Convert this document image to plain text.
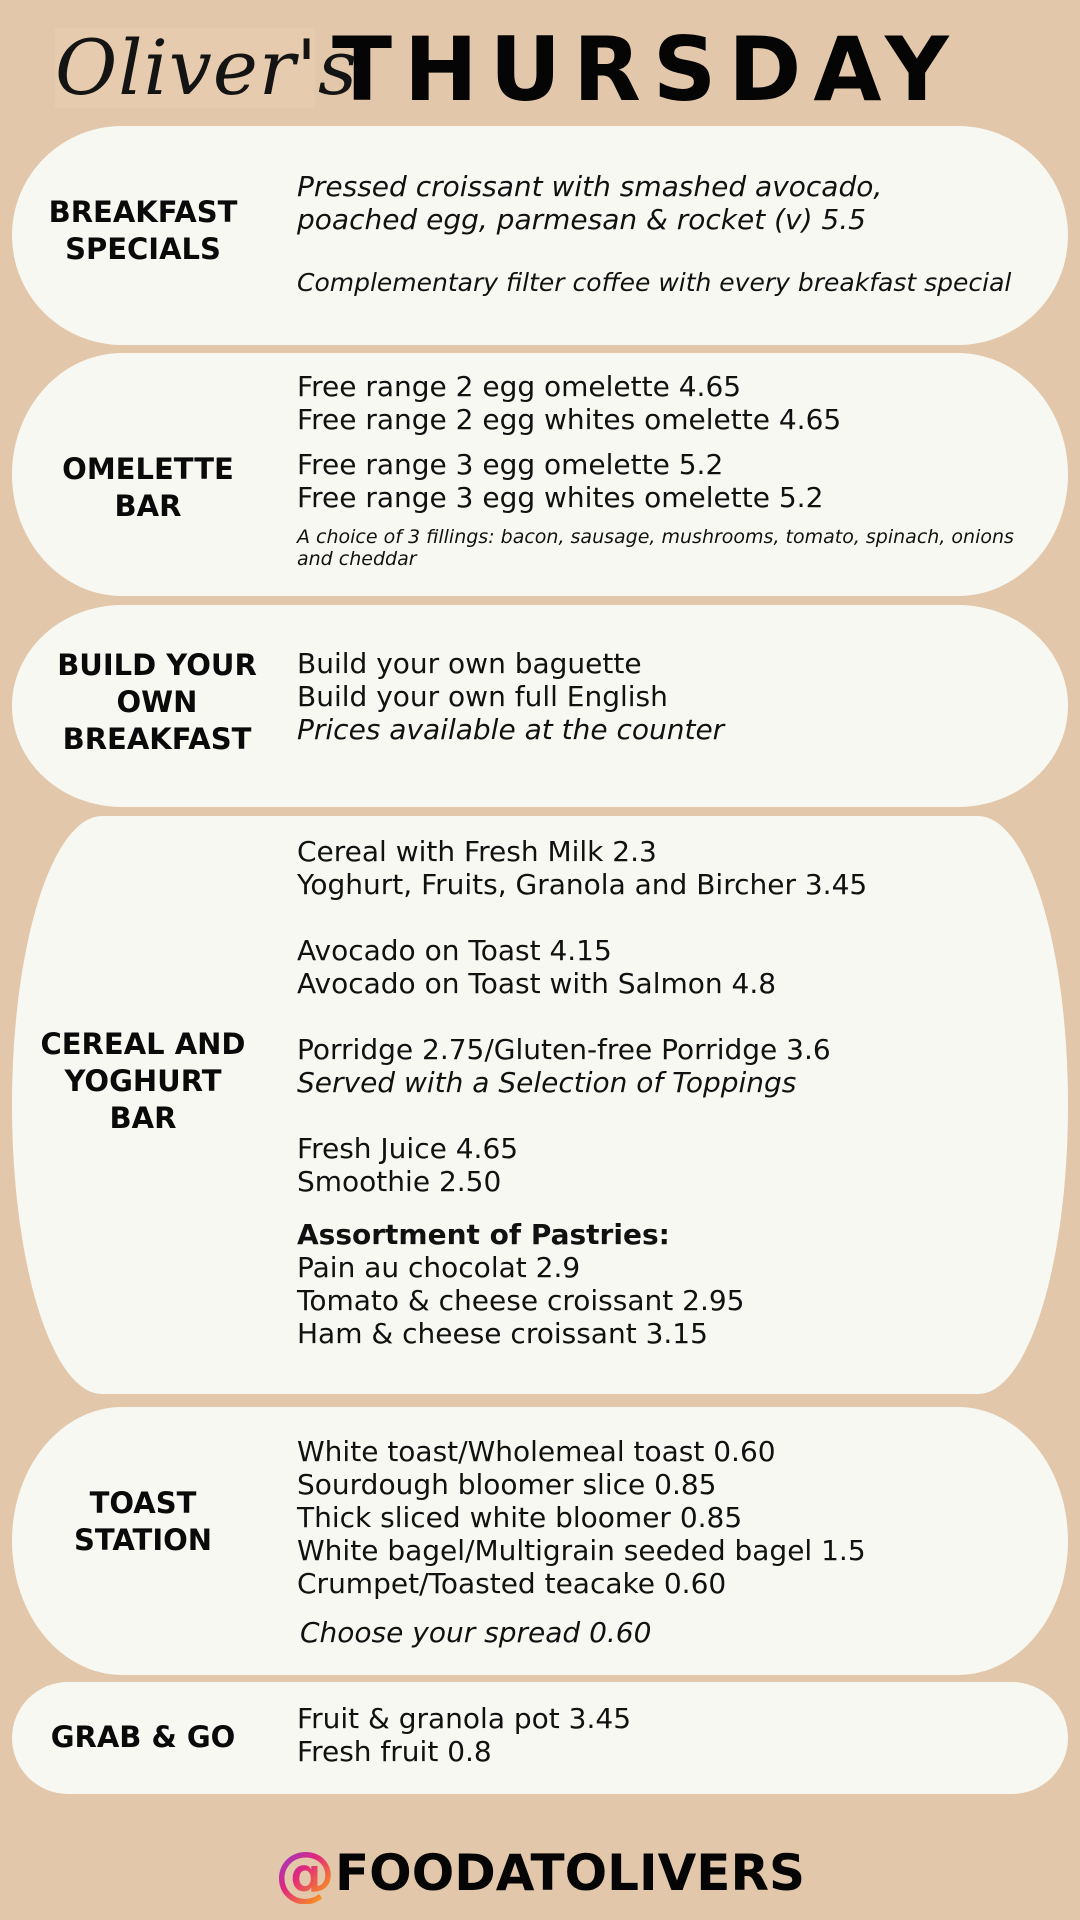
Oliver's
THURSDAY
BREAKFAST
SPECIALS
Pressed croissant with smashed avocado,
poached egg, parmesan & rocket (v) 5.5
Complementary filter coffee with every breakfast special
OMELETTE
BAR
Free range 2 egg omelette 4.65
Free range 2 egg whites omelette 4.65
Free range 3 egg omelette 5.2
Free range 3 egg whites omelette 5.2
A choice of 3 fillings: bacon, sausage, mushrooms, tomato, spinach, onions and cheddar
BUILD YOUR
OWN
BREAKFAST
Build your own baguette
Build your own full English
Prices available at the counter
CEREAL AND
YOGHURT
BAR
Cereal with Fresh Milk 2.3
Yoghurt, Fruits, Granola and Bircher 3.45
Avocado on Toast 4.15
Avocado on Toast with Salmon 4.8
Porridge 2.75/Gluten-free Porridge 3.6
Served with a Selection of Toppings
Fresh Juice 4.65
Smoothie 2.50
Assortment of Pastries:
Pain au chocolat 2.9
Tomato & cheese croissant 2.95
Ham & cheese croissant 3.15
TOAST
STATION
White toast/Wholemeal toast 0.60
Sourdough bloomer slice 0.85
Thick sliced white bloomer 0.85
White bagel/Multigrain seeded bagel 1.5
Crumpet/Toasted teacake 0.60
Choose your spread 0.60
GRAB & GO
Fruit & granola pot 3.45
Fresh fruit 0.8
@FOODATOLIVERS
